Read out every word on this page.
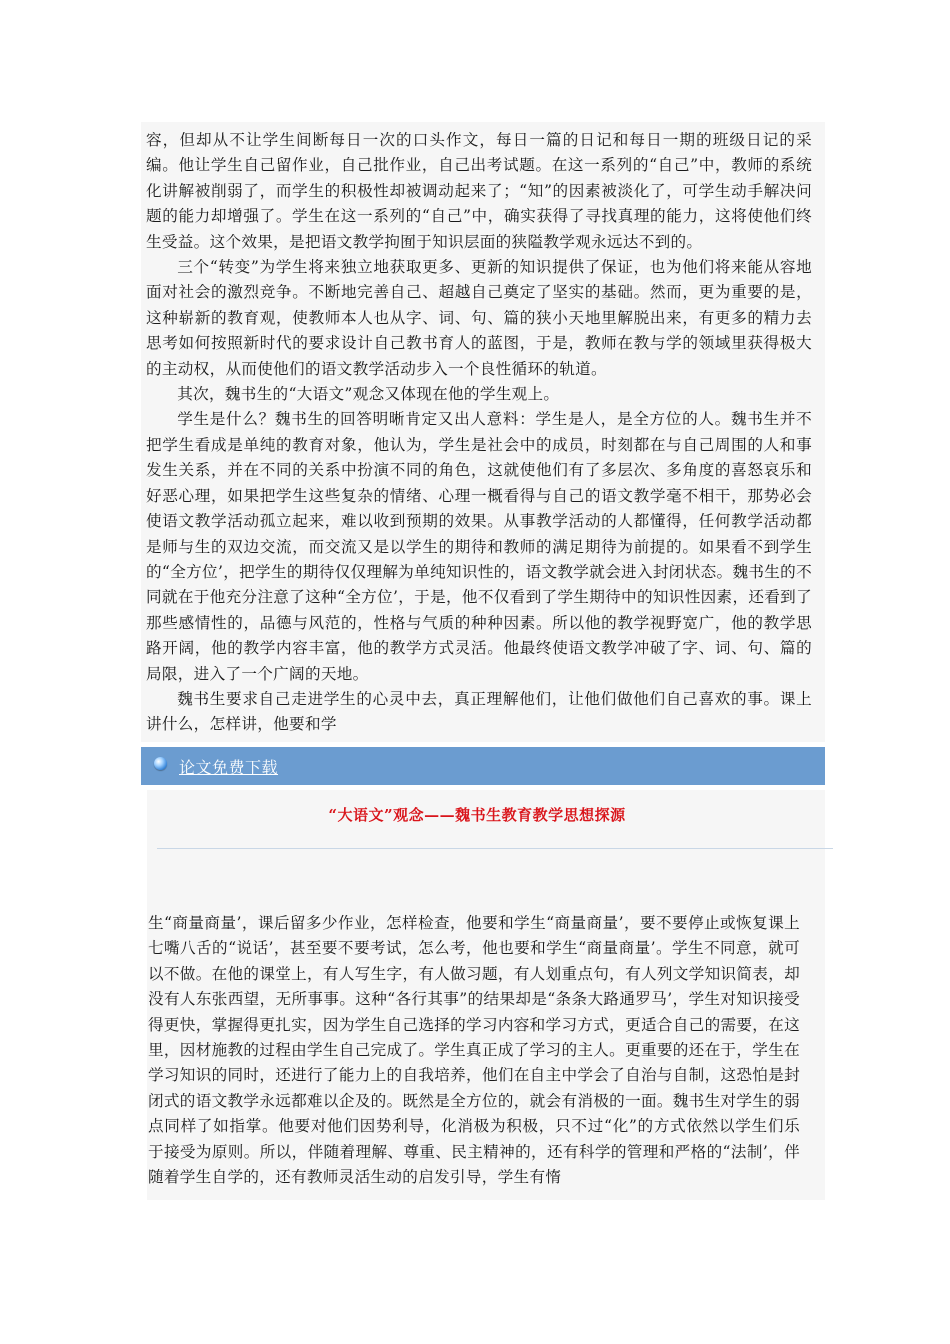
容，但却从不让学生间断每日一次的口头作文，每日一篇的日记和每日一期的班级日记的采编。他让学生自己留作业，自己批作业，自己出考试题。在这一系列的“自己”中，教师的系统化讲解被削弱了，而学生的积极性却被调动起来了；“知”的因素被淡化了，可学生动手解决问题的能力却增强了。学生在这一系列的“自己”中，确实获得了寻找真理的能力，这将使他们终生受益。这个效果，是把语文教学拘囿于知识层面的狭隘教学观永远达不到的。

三个“转变”为学生将来独立地获取更多、更新的知识提供了保证，也为他们将来能从容地面对社会的激烈竞争。不断地完善自己、超越自己奠定了坚实的基础。然而，更为重要的是，这种崭新的教育观，使教师本人也从字、词、句、篇的狭小天地里解脱出来，有更多的精力去思考如何按照新时代的要求设计自己教书育人的蓝图，于是，教师在教与学的领域里获得极大的主动权，从而使他们的语文教学活动步入一个良性循环的轨道。

其次，魏书生的“大语文”观念又体现在他的学生观上。

学生是什么？魏书生的回答明晰肯定又出人意料：学生是人，是全方位的人。魏书生并不把学生看成是单纯的教育对象，他认为，学生是社会中的成员，时刻都在与自己周围的人和事发生关系，并在不同的关系中扮演不同的角色，这就使他们有了多层次、多角度的喜怒哀乐和好恶心理，如果把学生这些复杂的情绪、心理一概看得与自己的语文教学毫不相干，那势必会使语文教学活动孤立起来，难以收到预期的效果。从事教学活动的人都懂得，任何教学活动都是师与生的双边交流，而交流又是以学生的期待和教师的满足期待为前提的。如果看不到学生的“全方位’，把学生的期待仅仅理解为单纯知识性的，语文教学就会进入封闭状态。魏书生的不同就在于他充分注意了这种“全方位’，于是，他不仅看到了学生期待中的知识性因素，还看到了那些感情性的，品德与风范的，性格与气质的种种因素。所以他的教学视野宽广，他的教学思路开阔，他的教学内容丰富，他的教学方式灵活。他最终使语文教学冲破了字、词、句、篇的局限，进入了一个广阔的天地。

魏书生要求自己走进学生的心灵中去，真正理解他们，让他们做他们自己喜欢的事。课上讲什么，怎样讲，他要和学

论文免费下载
“大语文”观念——魏书生教育教学思想探源

生“商量商量’，课后留多少作业，怎样检查，他要和学生“商量商量’，要不要停止或恢复课上七嘴八舌的“说话’，甚至要不要考试，怎么考，他也要和学生“商量商量’。学生不同意，就可以不做。在他的课堂上，有人写生字，有人做习题，有人划重点句，有人列文学知识简表，却没有人东张西望，无所事事。这种“各行其事”的结果却是“条条大路通罗马’，学生对知识接受得更快，掌握得更扎实，因为学生自己选择的学习内容和学习方式，更适合自己的需要，在这里，因材施教的过程由学生自己完成了。学生真正成了学习的主人。更重要的还在于，学生在学习知识的同时，还进行了能力上的自我培养，他们在自主中学会了自治与自制，这恐怕是封闭式的语文教学永远都难以企及的。既然是全方位的，就会有消极的一面。魏书生对学生的弱点同样了如指掌。他要对他们因势利导，化消极为积极，只不过“化”的方式依然以学生们乐于接受为原则。所以，伴随着理解、尊重、民主精神的，还有科学的管理和严格的“法制’，伴随着学生自学的，还有教师灵活生动的启发引导，学生有惰
